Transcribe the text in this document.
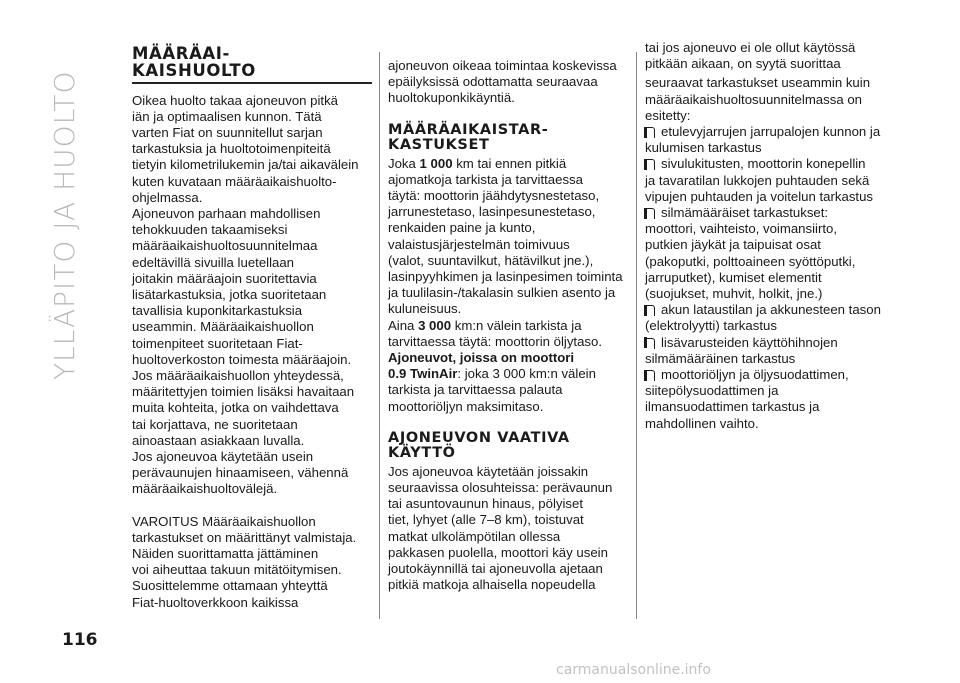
YLLÄPITO JA HUOLTO
MÄÄRÄAI-
KAISHUOLTO
Oikea huolto takaa ajoneuvon pitkä
iän ja optimaalisen kunnon. Tätä
varten Fiat on suunnitellut sarjan
tarkastuksia ja huoltotoimenpiteitä
tietyin kilometrilukemin ja/tai aikavälein
kuten kuvataan määräaikaishuolto-
ohjelmassa.
Ajoneuvon parhaan mahdollisen
tehokkuuden takaamiseksi
määräaikaishuoltosuunnitelmaa
edeltävillä sivuilla luetellaan
joitakin määräajoin suoritettavia
lisätarkastuksia, jotka suoritetaan
tavallisia kuponkitarkastuksia
useammin. Määräaikaishuollon
toimenpiteet suoritetaan Fiat-
huoltoverkoston toimesta määräajoin.
Jos määräaikaishuollon yhteydessä,
määritettyjen toimien lisäksi havaitaan
muita kohteita, jotka on vaihdettava
tai korjattava, ne suoritetaan
ainoastaan asiakkaan luvalla.
Jos ajoneuvoa käytetään usein
perävaunujen hinaamiseen, vähennä
määräaikaishuoltovälejä.
VAROITUS Määräaikaishuollon
tarkastukset on määrittänyt valmistaja.
Näiden suorittamatta jättäminen
voi aiheuttaa takuun mitätöitymisen.
Suosittelemme ottamaan yhteyttä
Fiat-huoltoverkkoon kaikissa
ajoneuvon oikeaa toimintaa koskevissa
epäilyksissä odottamatta seuraavaa
huoltokuponkikäyntiä.
MÄÄRÄAIKAISTAR-
KASTUKSET
Joka 1 000 km tai ennen pitkiä
ajomatkoja tarkista ja tarvittaessa
täytä: moottorin jäähdytysnestetaso,
jarrunestetaso, lasinpesunestetaso,
renkaiden paine ja kunto,
valaistusjärjestelmän toimivuus
(valot, suuntavilkut, hätävilkut jne.),
lasinpyyhkimen ja lasinpesimen toiminta
ja tuulilasin-/takalasin sulkien asento ja
kuluneisuus.
Aina 3 000 km:n välein tarkista ja
tarvittaessa täytä: moottorin öljytaso.
Ajoneuvot, joissa on moottori
0.9 TwinAir: joka 3 000 km:n välein
tarkista ja tarvittaessa palauta
moottoriöljyn maksimitaso.
AJONEUVON VAATIVA
KÄYTTÖ
Jos ajoneuvoa käytetään joissakin
seuraavissa olosuhteissa: perävaunun
tai asuntovaunun hinaus, pölyiset
tiet, lyhyet (alle 7–8 km), toistuvat
matkat ulkolämpötilan ollessa
pakkasen puolella, moottori käy usein
joutokäynnillä tai ajoneuvolla ajetaan
pitkiä matkoja alhaisella nopeudella
tai jos ajoneuvo ei ole ollut käytössä
pitkään aikaan, on syytä suorittaa
seuraavat tarkastukset useammin kuin
määräaikaishuoltosuunnitelmassa on
esitetty:
etulevyjarrujen jarrupalojen kunnon ja
kulumisen tarkastus
sivulukitusten, moottorin konepellin
ja tavaratilan lukkojen puhtauden sekä
vipujen puhtauden ja voitelun tarkastus
silmämääräiset tarkastukset:
moottori, vaihteisto, voimansiirto,
putkien jäykät ja taipuisat osat
(pakoputki, polttoaineen syöttöputki,
jarruputket), kumiset elementit
(suojukset, muhvit, holkit, jne.)
akun lataustilan ja akkunesteen tason
(elektrolyytti) tarkastus
lisävarusteiden käyttöhihnojen
silmämääräinen tarkastus
moottoriöljyn ja öljysuodattimen,
siitepölysuodattimen ja
ilmansuodattimen tarkastus ja
mahdollinen vaihto.
116
carmanualsonline.info
